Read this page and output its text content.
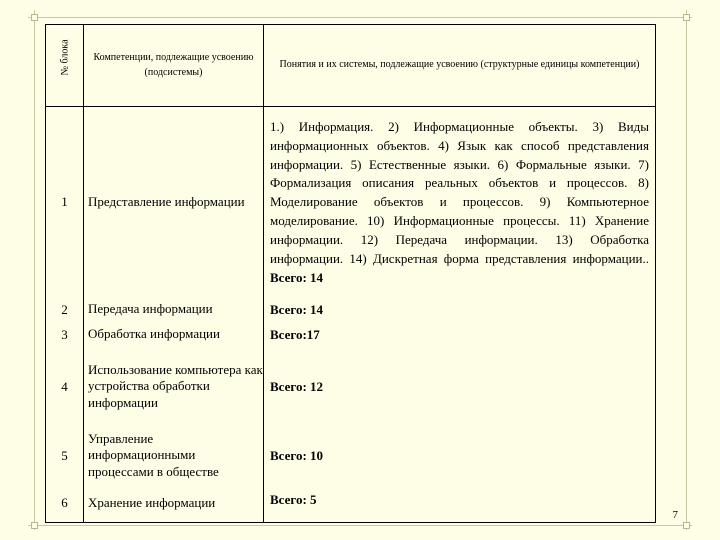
№ блока	Компетенции, подлежащие усвоению (подсистемы)	Понятия и их системы, подлежащие усвоению (структурные единицы компетенции)
1	Представление информации	1.) Информация. 2) Информационные объекты. 3) Виды информационных объектов. 4) Язык как способ представления информации. 5) Естественные языки. 6) Формальные языки. 7) Формализация описания реальных объектов и процессов. 8) Моделирование объектов и процессов. 9) Компьютерное моделирование. 10) Информационные процессы. 11) Хранение информации. 12) Передача информации. 13) Обработка информации. 14) Дискретная форма представления информации.. Всего: 14
2	Передача информации	Всего: 14
3	Обработка информации	Всего:17
4	Использование компьютера как устройства обработки информации	Всего: 12
5	Управление информационными процессами в обществе	Всего: 10
6	Хранение информации	Всего: 5
7
